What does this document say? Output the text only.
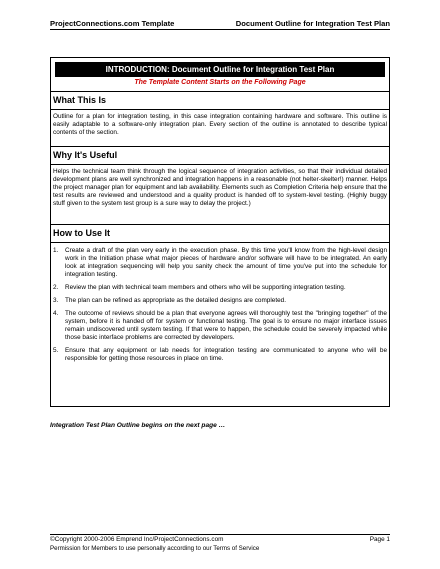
ProjectConnections.com Template	Document Outline for Integration Test Plan
INTRODUCTION: Document Outline for Integration Test Plan
The Template Content Starts on the Following Page
What This Is
Outline for a plan for integration testing, in this case integration containing hardware and software. This outline is easily adaptable to a software-only integration plan. Every section of the outline is annotated to describe typical contents of the section.
Why It's Useful
Helps the technical team think through the logical sequence of integration activities, so that their individual detailed development plans are well synchronized and integration happens in a reasonable (not helter-skelter!) manner. Helps the project manager plan for equipment and lab availability. Elements such as Completion Criteria help ensure that the test results are reviewed and understood and a quality product is handed off to system-level testing. (Highly buggy stuff given to the system test group is a sure way to delay the project.)
How to Use It
1.	Create a draft of the plan very early in the execution phase. By this time you'll know from the high-level design work in the Initiation phase what major pieces of hardware and/or software will have to be integrated. An early look at integration sequencing will help you sanity check the amount of time you've put into the schedule for integration testing.
2.	Review the plan with technical team members and others who will be supporting integration testing.
3.	The plan can be refined as appropriate as the detailed designs are completed.
4.	The outcome of reviews should be a plan that everyone agrees will thoroughly test the "bringing together" of the system, before it is handed off for system or functional testing. The goal is to ensure no major interface issues remain undiscovered until system testing. If that were to happen, the schedule could be severely impacted while those basic interface problems are corrected by developers.
5.	Ensure that any equipment or lab needs for integration testing are communicated to anyone who will be responsible for getting those resources in place on time.
Integration Test Plan Outline begins on the next page …
©Copyright 2000-2006 Emprend Inc/ProjectConnections.com	Page 1
Permission for Members to use personally according to our Terms of Service
